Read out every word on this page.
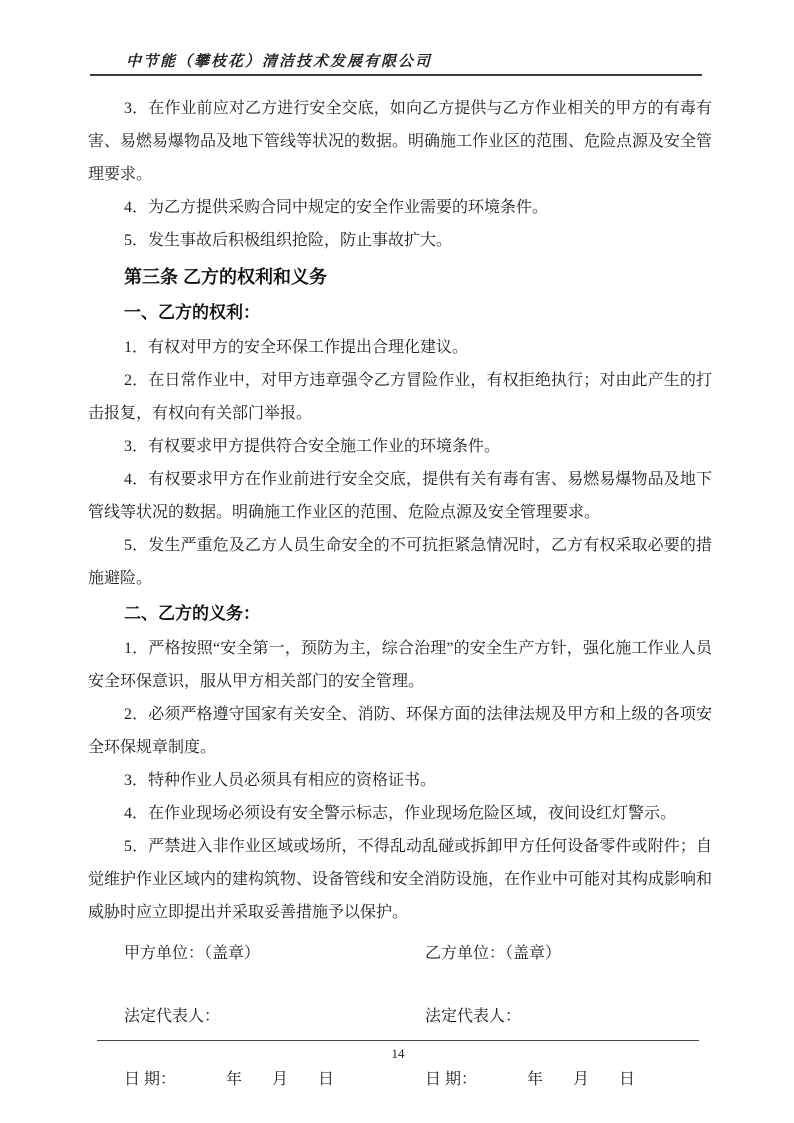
中节能（攀枝花）清洁技术发展有限公司

3．在作业前应对乙方进行安全交底，如向乙方提供与乙方作业相关的甲方的有毒有害、易燃易爆物品及地下管线等状况的数据。明确施工作业区的范围、危险点源及安全管理要求。

4．为乙方提供采购合同中规定的安全作业需要的环境条件。

5．发生事故后积极组织抢险，防止事故扩大。

第三条 乙方的权利和义务
一、乙方的权利：

1．有权对甲方的安全环保工作提出合理化建议。

2．在日常作业中，对甲方违章强令乙方冒险作业，有权拒绝执行；对由此产生的打击报复，有权向有关部门举报。

3．有权要求甲方提供符合安全施工作业的环境条件。

4．有权要求甲方在作业前进行安全交底，提供有关有毒有害、易燃易爆物品及地下管线等状况的数据。明确施工作业区的范围、危险点源及安全管理要求。

5．发生严重危及乙方人员生命安全的不可抗拒紧急情况时，乙方有权采取必要的措施避险。

二、乙方的义务：

1．严格按照“安全第一，预防为主，综合治理”的安全生产方针，强化施工作业人员安全环保意识，服从甲方相关部门的安全管理。

2．必须严格遵守国家有关安全、消防、环保方面的法律法规及甲方和上级的各项安全环保规章制度。

3．特种作业人员必须具有相应的资格证书。

4．在作业现场必须设有安全警示标志，作业现场危险区域，夜间设红灯警示。

5．严禁进入非作业区域或场所，不得乱动乱碰或拆卸甲方任何设备零件或附件；自觉维护作业区域内的建构筑物、设备管线和安全消防设施，在作业中可能对其构成影响和威胁时应立即提出并采取妥善措施予以保护。

甲方单位：（盖章）	乙方单位：（盖章）
法定代表人：	法定代表人：
日 期：	年 月 日	日 期：	年 月 日
14
